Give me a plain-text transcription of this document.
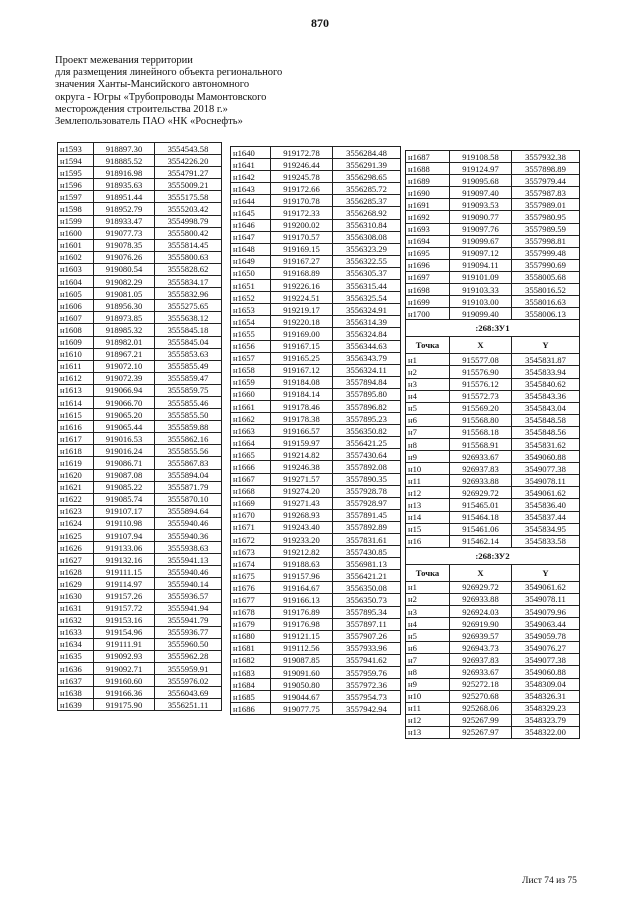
870
Проект межевания территории
для размещения линейного объекта регионального
значения Ханты-Мансийского автономного
округа - Югры «Трубопроводы Мамонтовского
месторождения строительства 2018 г.»
Землепользователь ПАО «НК «Роснефть»
н1593	918897.30	3554543.58
н1594	918885.52	3554226.20
н1595	918916.98	3554791.27
н1596	918935.63	3555009.21
н1597	918951.44	3555175.58
н1598	918952.79	3555203.42
н1599	918933.47	3554998.79
н1600	919077.73	3555800.42
н1601	919078.35	3555814.45
н1602	919076.26	3555800.63
н1603	919080.54	3555828.62
н1604	919082.29	3555834.17
н1605	919081.05	3555832.96
н1606	918956.30	3555275.65
н1607	918973.85	3555638.12
н1608	918985.32	3555845.18
н1609	918982.01	3555845.04
н1610	918967.21	3555853.63
н1611	919072.10	3555855.49
н1612	919072.39	3555859.47
н1613	919066.94	3555859.75
н1614	919066.70	3555855.46
н1615	919065.20	3555855.50
н1616	919065.44	3555859.88
н1617	919016.53	3555862.16
н1618	919016.24	3555855.56
н1619	919086.71	3555867.83
н1620	919087.08	3555894.04
н1621	919085.22	3555871.79
н1622	919085.74	3555870.10
н1623	919107.17	3555894.64
н1624	919110.98	3555940.46
н1625	919107.94	3555940.36
н1626	919133.06	3555938.63
н1627	919132.16	3555941.13
н1628	919111.15	3555940.46
н1629	919114.97	3555940.14
н1630	919157.26	3555936.57
н1631	919157.72	3555941.94
н1632	919153.16	3555941.79
н1633	919154.96	3555936.77
н1634	919111.91	3555960.50
н1635	919092.93	3555962.28
н1636	919092.71	3555959.91
н1637	919160.60	3555976.02
н1638	919166.36	3556043.69
н1639	919175.90	3556251.11
н1640	919172.78	3556284.48
н1641	919246.44	3556291.39
н1642	919245.78	3556298.65
н1643	919172.66	3556285.72
н1644	919170.78	3556285.37
н1645	919172.33	3556268.92
н1646	919200.02	3556310.84
н1647	919170.57	3556308.08
н1648	919169.15	3556323.29
н1649	919167.27	3556322.55
н1650	919168.89	3556305.37
н1651	919226.16	3556315.44
н1652	919224.51	3556325.54
н1653	919219.17	3556324.91
н1654	919220.18	3556314.39
н1655	919169.00	3556324.84
н1656	919167.15	3556344.63
н1657	919165.25	3556343.79
н1658	919167.12	3556324.11
н1659	919184.08	3557894.84
н1660	919184.14	3557895.80
н1661	919178.46	3557896.82
н1662	919178.38	3557895.23
н1663	919166.57	3556350.82
н1664	919159.97	3556421.25
н1665	919214.82	3557430.64
н1666	919246.38	3557892.08
н1667	919271.57	3557890.35
н1668	919274.20	3557928.78
н1669	919271.43	3557928.97
н1670	919268.93	3557891.45
н1671	919243.40	3557892.89
н1672	919233.20	3557831.61
н1673	919212.82	3557430.85
н1674	919188.63	3556981.13
н1675	919157.96	3556421.21
н1676	919164.67	3556350.08
н1677	919166.13	3556350.73
н1678	919176.89	3557895.34
н1679	919176.98	3557897.11
н1680	919121.15	3557907.26
н1681	919112.56	3557933.96
н1682	919087.85	3557941.62
н1683	919091.60	3557959.76
н1684	919050.80	3557972.36
н1685	919044.67	3557954.73
н1686	919077.75	3557942.94
н1687	919108.58	3557932.38
н1688	919124.97	3557898.89
н1689	919095.68	3557979.44
н1690	919097.40	3557987.83
н1691	919093.53	3557989.01
н1692	919090.77	3557980.95
н1693	919097.76	3557989.59
н1694	919099.67	3557998.81
н1695	919097.12	3557999.48
н1696	919094.11	3557990.69
н1697	919101.09	3558005.68
н1698	919103.33	3558016.52
н1699	919103.00	3558016.63
н1700	919099.40	3558006.13
:268:ЗУ1		
Точка	X	Y
н1	915577.08	3545831.87
н2	915576.90	3545833.94
н3	915576.12	3545840.62
н4	915572.73	3545843.36
н5	915569.20	3545843.04
н6	915568.80	3545848.58
н7	915568.18	3545848.56
н8	915568.91	3545831.62
н9	926933.67	3549060.88
н10	926937.83	3549077.38
н11	926933.88	3549078.11
н12	926929.72	3549061.62
н13	915465.01	3545836.40
н14	915464.18	3545837.44
н15	915461.06	3545834.95
н16	915462.14	3545833.58
:268:ЗУ2		
Точка	X	Y
н1	926929.72	3549061.62
н2	926933.88	3549078.11
н3	926924.03	3549079.96
н4	926919.90	3549063.44
н5	926939.57	3549059.78
н6	926943.73	3549076.27
н7	926937.83	3549077.38
н8	926933.67	3549060.88
н9	925272.18	3548309.04
н10	925270.68	3548326.31
н11	925268.06	3548329.23
н12	925267.99	3548323.79
н13	925267.97	3548322.00
Лист 74 из 75
